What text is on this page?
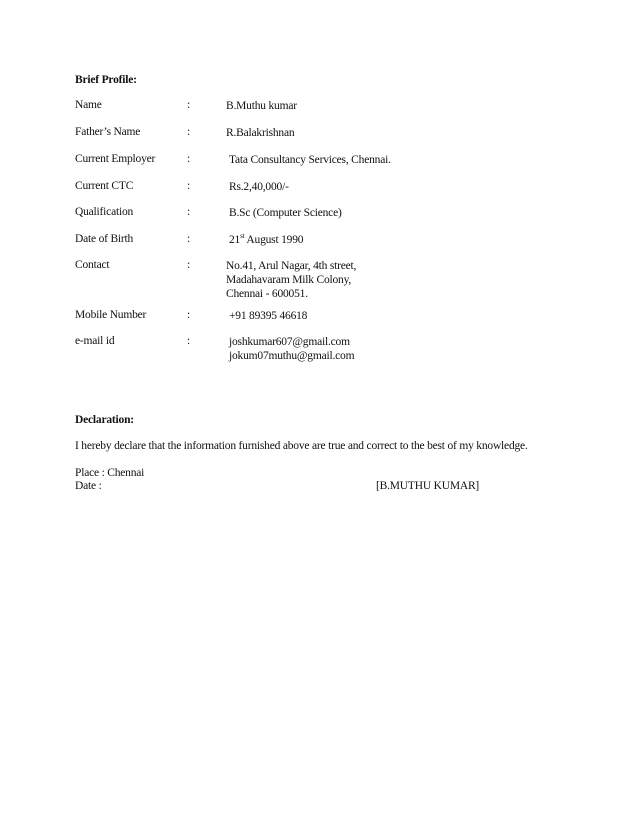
Brief Profile:
Name	:	B.Muthu kumar
Father’s Name	:	R.Balakrishnan
Current Employer	:	Tata Consultancy Services, Chennai.
Current CTC	:	Rs.2,40,000/-
Qualification	:	B.Sc (Computer Science)
Date of Birth	:	21st August 1990
Contact	:	No.41, Arul Nagar, 4th street,
Madahavaram Milk Colony,
Chennai - 600051.
Mobile Number	:	+91 89395 46618
e-mail id	:	joshkumar607@gmail.com
jokum07muthu@gmail.com
Declaration:
I hereby declare that the information furnished above are true and correct to the best of my knowledge.
Place : Chennai
Date :	[B.MUTHU KUMAR]
